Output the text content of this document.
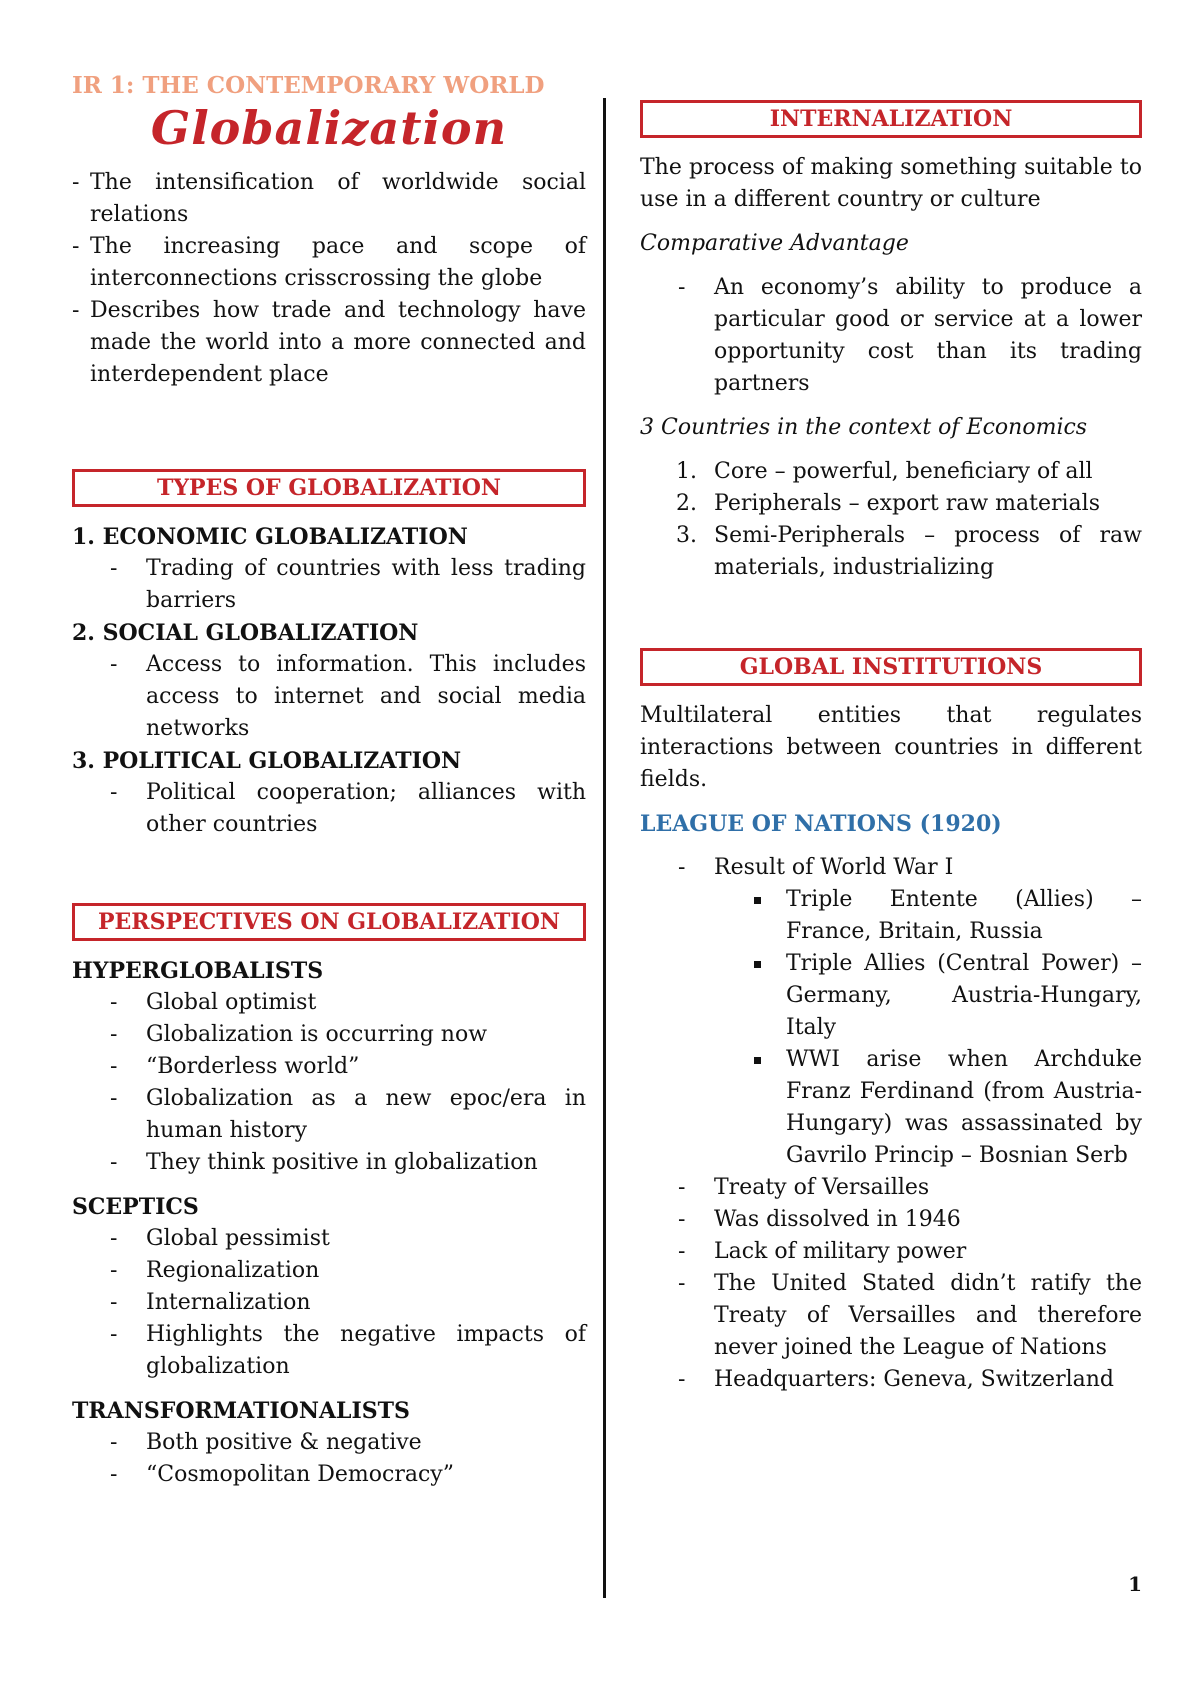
IR 1: THE CONTEMPORARY WORLD
Globalization
- The intensification of worldwide social relations
- The increasing pace and scope of interconnections crisscrossing the globe
- Describes how trade and technology have made the world into a more connected and interdependent place
TYPES OF GLOBALIZATION
1. ECONOMIC GLOBALIZATION
- Trading of countries with less trading barriers
2. SOCIAL GLOBALIZATION
- Access to information. This includes access to internet and social media networks
3. POLITICAL GLOBALIZATION
- Political cooperation; alliances with other countries
PERSPECTIVES ON GLOBALIZATION
HYPERGLOBALISTS
- Global optimist
- Globalization is occurring now
- “Borderless world”
- Globalization as a new epoc/era in human history
- They think positive in globalization
SCEPTICS
- Global pessimist
- Regionalization
- Internalization
- Highlights the negative impacts of globalization
TRANSFORMATIONALISTS
- Both positive & negative
- “Cosmopolitan Democracy”
INTERNALIZATION

The process of making something suitable to use in a different country or culture

Comparative Advantage

- An economy’s ability to produce a particular good or service at a lower opportunity cost than its trading partners

3 Countries in the context of Economics

1. Core – powerful, beneficiary of all
2. Peripherals – export raw materials
3. Semi-Peripherals – process of raw materials, industrializing
GLOBAL INSTITUTIONS

Multilateral entities that regulates interactions between countries in different fields.

LEAGUE OF NATIONS (1920)

- Result of World War I
Triple Entente (Allies) – France, Britain, Russia
Triple Allies (Central Power) – Germany, Austria-Hungary, Italy
WWI arise when Archduke Franz Ferdinand (from Austria-Hungary) was assassinated by Gavrilo Princip – Bosnian Serb
- Treaty of Versailles
- Was dissolved in 1946
- Lack of military power
- The United Stated didn’t ratify the Treaty of Versailles and therefore never joined the League of Nations
- Headquarters: Geneva, Switzerland
1
